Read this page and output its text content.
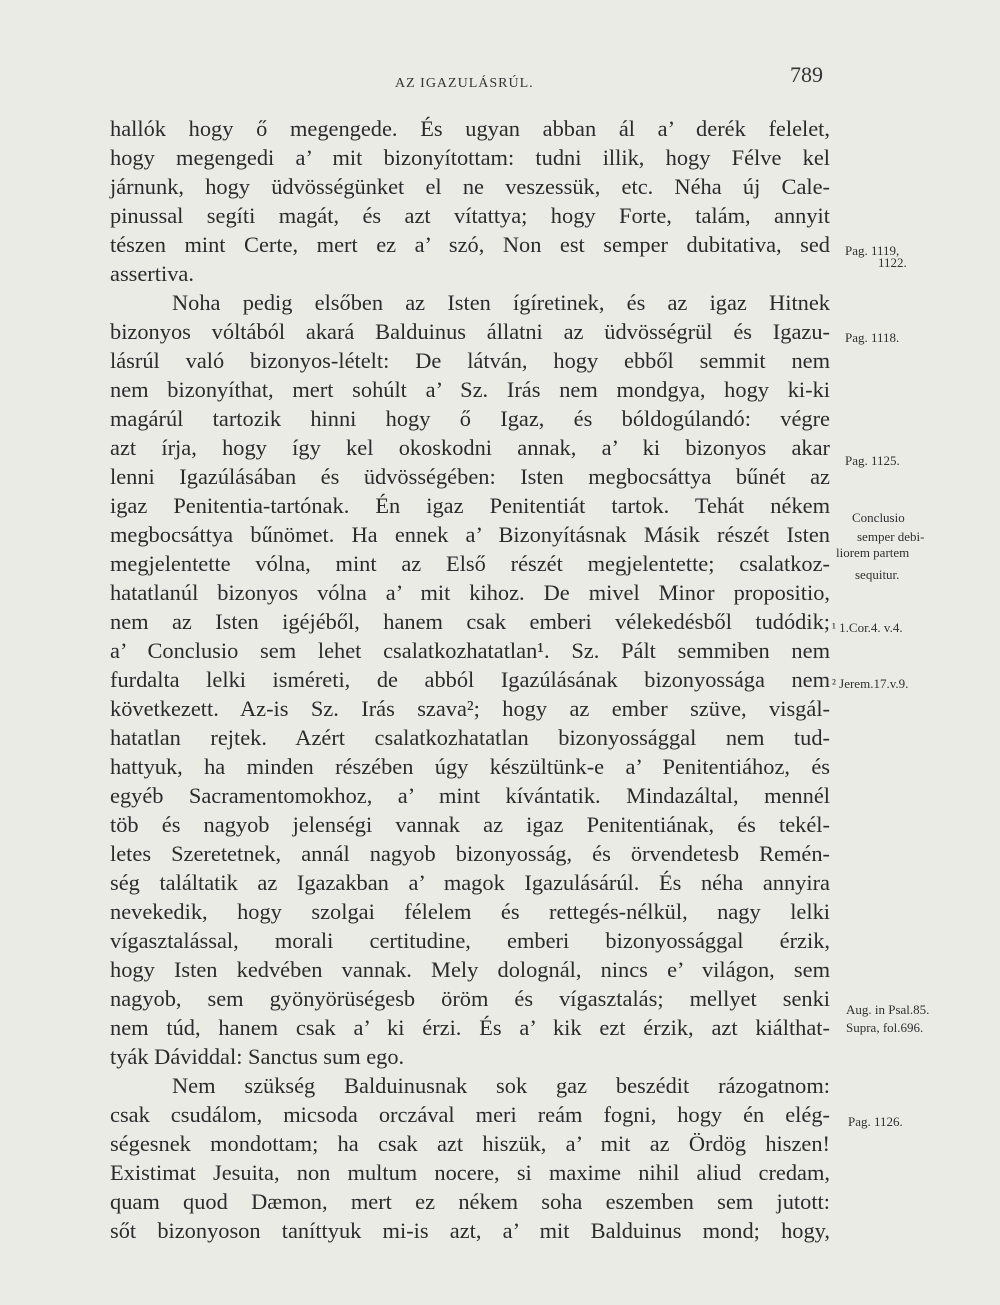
AZ IGAZULÁSRÚL.	789
hallók hogy ő megengede. És ugyan abban ál a’ derék felelet,
hogy megengedi a’ mit bizonyítottam: tudni illik, hogy Félve kel
járnunk, hogy üdvösségünket el ne veszessük, etc. Néha új Cale-
pinussal segíti magát, és azt vítattya; hogy Forte, talám, annyit
tészen mint Certe, mert ez a’ szó, Non est semper dubitativa, sed
assertiva.
Noha pedig elsőben az Isten ígíretinek, és az igaz Hitnek
bizonyos vóltából akará Balduinus állatni az üdvösségrül és Igazu-
lásrúl való bizonyos-lételt: De látván, hogy ebből semmit nem
nem bizonyíthat, mert sohúlt a’ Sz. Irás nem mondgya, hogy ki-ki
magárúl tartozik hinni hogy ő Igaz, és bóldogúlandó: végre
azt írja, hogy így kel okoskodni annak, a’ ki bizonyos akar
lenni Igazúlásában és üdvösségében: Isten megbocsáttya bűnét az
igaz Penitentia-tartónak. Én igaz Penitentiát tartok. Tehát nékem
megbocsáttya bűnömet. Ha ennek a’ Bizonyításnak Másik részét Isten
megjelentette vólna, mint az Első részét megjelentette; csalatkoz-
hatatlanúl bizonyos vólna a’ mit kihoz. De mivel Minor propositio,
nem az Isten igéjéből, hanem csak emberi vélekedésből tudódik;
a’ Conclusio sem lehet csalatkozhatatlan¹. Sz. Pált semmiben nem
furdalta lelki isméreti, de abból Igazúlásának bizonyossága nem
következett. Az-is Sz. Irás szava²; hogy az ember szüve, visgál-
hatatlan rejtek. Azért csalatkozhatatlan bizonyossággal nem tud-
hattyuk, ha minden részében úgy készültünk-e a’ Penitentiához, és
egyéb Sacramentomokhoz, a’ mint kívántatik. Mindazáltal, mennél
töb és nagyob jelenségi vannak az igaz Penitentiának, és tekél-
letes Szeretetnek, annál nagyob bizonyosság, és örvendetesb Remén-
ség találtatik az Igazakban a’ magok Igazulásárúl. És néha annyira
nevekedik, hogy szolgai félelem és rettegés-nélkül, nagy lelki
vígasztalással, morali certitudine, emberi bizonyossággal érzik,
hogy Isten kedvében vannak. Mely dolognál, nincs e’ világon, sem
nagyob, sem gyönyörüségesb öröm és vígasztalás; mellyet senki
nem túd, hanem csak a’ ki érzi. És a’ kik ezt érzik, azt kiálthat-
tyák Dáviddal: Sanctus sum ego.
Nem szükség Balduinusnak sok gaz beszédit rázogatnom:
csak csudálom, micsoda orczával meri reám fogni, hogy én elég-
ségesnek mondottam; ha csak azt hiszük, a’ mit az Ördög hiszen!
Existimat Jesuita, non multum nocere, si maxime nihil aliud credam,
quam quod Dæmon, mert ez nékem soha eszemben sem jutott:
sőt bizonyoson taníttyuk mi-is azt, a’ mit Balduinus mond; hogy,
Pag. 1119,
1122.
Pag. 1118.
Pag. 1125.
Conclusio
semper debi-
liorem partem
sequitur.
¹ 1.Cor.4. v.4.
² Jerem.17.v.9.
Aug. in Psal.85.
Supra, fol.696.
Pag. 1126.
